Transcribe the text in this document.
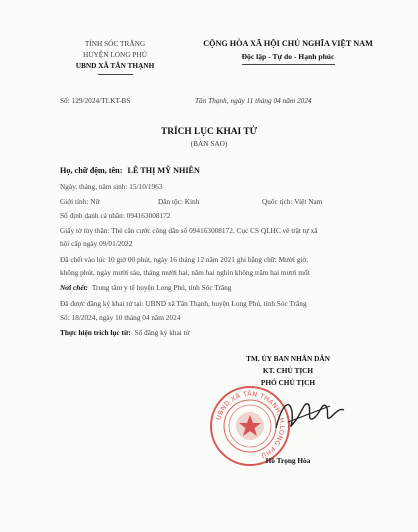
TỈNH SÓC TRĂNG
HUYỆN LONG PHÚ
UBND XÃ TÂN THẠNH
CỘNG HÒA XÃ HỘI CHỦ NGHĨA VIỆT NAM
Độc lập - Tự do - Hạnh phúc
Số: 129/2024/TLKT-BS	Tân Thạnh, ngày 11 tháng 04 năm 2024
TRÍCH LỤC KHAI TỬ
(BẢN SAO)
Họ, chữ đệm, tên: LÊ THỊ MỸ NHIÊN
Ngày, tháng, năm sinh: 15/10/1963
Giới tính: Nữ	Dân tộc: Kinh	Quốc tịch: Việt Nam
Số định danh cá nhân: 094163008172
Giấy tờ tùy thân: Thẻ căn cước công dân số 094163008172, Cục CS QLHC về trật tự xã
hội cấp ngày 09/01/2022
Đã chết vào lúc 10 giờ 00 phút, ngày 16 tháng 12 năm 2021 ghi bằng chữ: Mười giờ,
không phút, ngày mười sáu, tháng mười hai, năm hai nghìn không trăm hai mươi mốt
Nơi chết: Trung tâm y tế huyện Long Phú, tỉnh Sóc Trăng
Đã được đăng ký khai tử tại: UBND xã Tân Thạnh, huyện Long Phú, tỉnh Sóc Trăng
Số: 18/2024, ngày 10 tháng 04 năm 2024
Thực hiện trích lục từ: Sổ đăng ký khai tử
TM. ỦY BAN NHÂN DÂN
KT. CHỦ TỊCH
PHÓ CHỦ TỊCH
UBND XÃ TÂN THẠNH, H.LONG PHÚ
Hồ Trọng Hòa
